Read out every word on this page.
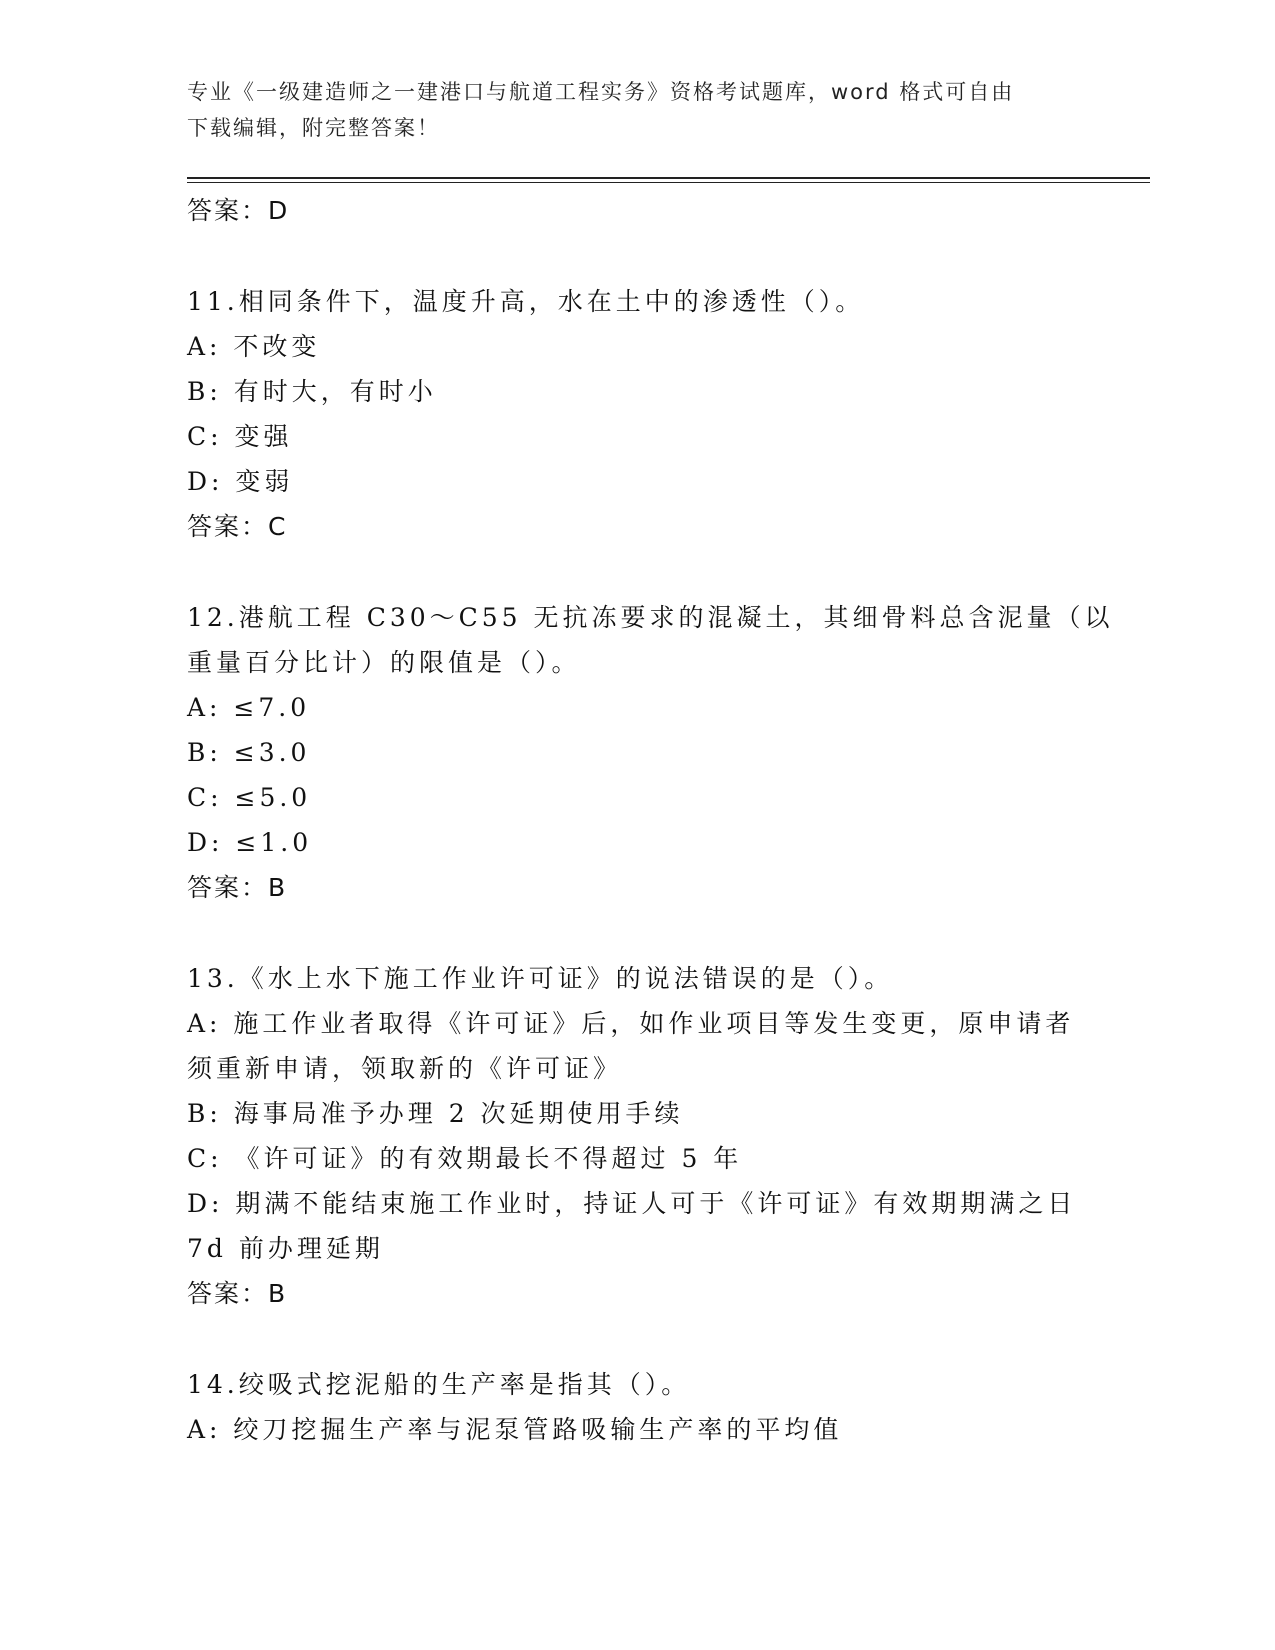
专业《一级建造师之一建港口与航道工程实务》资格考试题库，word 格式可自由
下载编辑，附完整答案！
答案：D
11.相同条件下，温度升高，水在土中的渗透性（）。
A: 不改变
B: 有时大，有时小
C: 变强
D: 变弱
答案：C
12.港航工程 C30～C55 无抗冻要求的混凝土，其细骨料总含泥量（以
重量百分比计）的限值是（）。
A: ≤7.0
B: ≤3.0
C: ≤5.0
D: ≤1.0
答案：B
13.《水上水下施工作业许可证》的说法错误的是（）。
A: 施工作业者取得《许可证》后，如作业项目等发生变更，原申请者
须重新申请，领取新的《许可证》
B: 海事局准予办理 2 次延期使用手续
C: 《许可证》的有效期最长不得超过 5 年
D: 期满不能结束施工作业时，持证人可于《许可证》有效期期满之日
7d 前办理延期
答案：B
14.绞吸式挖泥船的生产率是指其（）。
A: 绞刀挖掘生产率与泥泵管路吸输生产率的平均值
